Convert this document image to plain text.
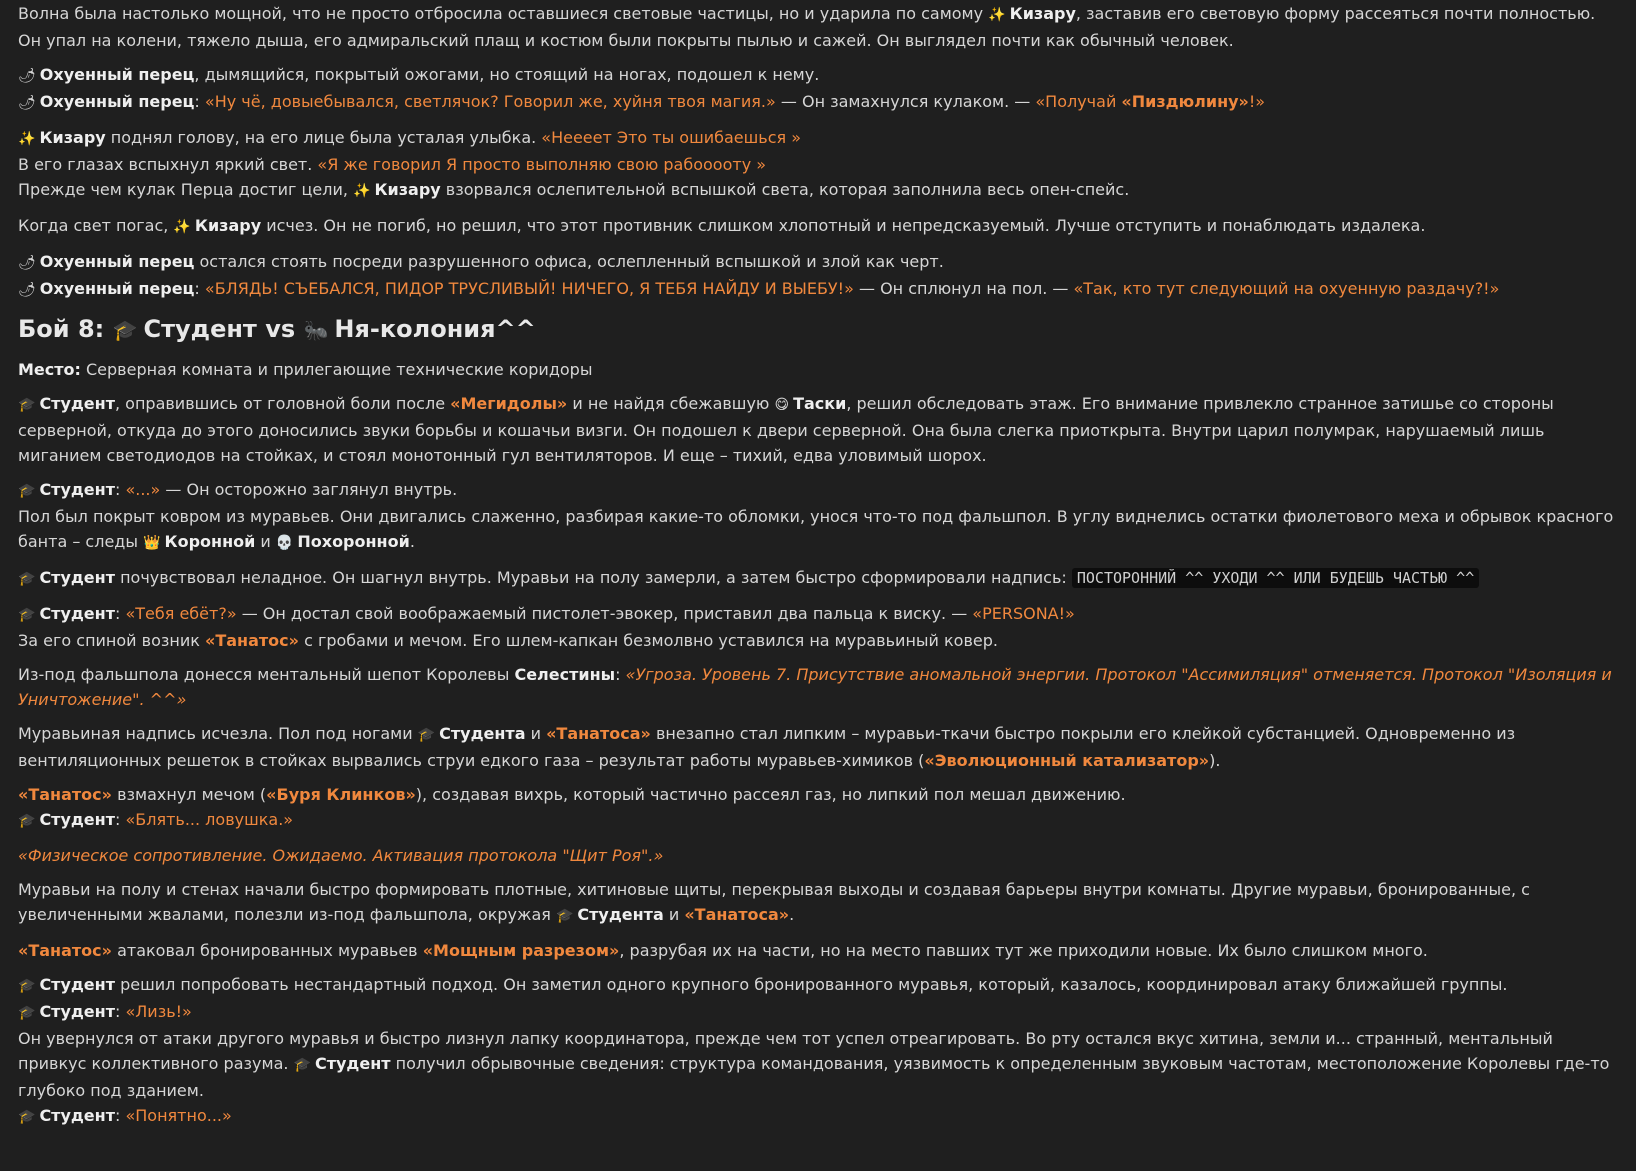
Волна была настолько мощной, что не просто отбросила оставшиеся световые частицы, но и ударила по самому ✨ Кизару, заставив его световую форму рассеяться почти полностью. Он упал на колени, тяжело дыша, его адмиральский плащ и костюм были покрыты пылью и сажей. Он выглядел почти как обычный человек.
🌶 Охуенный перец, дымящийся, покрытый ожогами, но стоящий на ногах, подошел к нему.
🌶 Охуенный перец: «Ну чё, довыебывался, светлячок? Говорил же, хуйня твоя магия.» — Он замахнулся кулаком. — «Получай «Пиздюлину»!»
✨ Кизару поднял голову, на его лице была усталая улыбка. «Нееeет Это ты ошибаешься »
В его глазах вспыхнул яркий свет. «Я же говорил Я просто выполняю свою рабооооту »
Прежде чем кулак Перца достиг цели, ✨ Кизару взорвался ослепительной вспышкой света, которая заполнила весь опен-спейс.
Когда свет погас, ✨ Кизару исчез. Он не погиб, но решил, что этот противник слишком хлопотный и непредсказуемый. Лучше отступить и понаблюдать издалека.
🌶 Охуенный перец остался стоять посреди разрушенного офиса, ослепленный вспышкой и злой как черт.
🌶 Охуенный перец: «БЛЯДЬ! СЪЕБАЛСЯ, ПИДОР ТРУСЛИВЫЙ! НИЧЕГО, Я ТЕБЯ НАЙДУ И ВЫЕБУ!» — Он сплюнул на пол. — «Так, кто тут следующий на охуенную раздачу?!»
Бой 8: 🎓 Студент vs 🐜 Ня-колония^^
Место: Серверная комната и прилегающие технические коридоры
🎓 Студент, оправившись от головной боли после «Мегидолы» и не найдя сбежавшую 😋 Таски, решил обследовать этаж. Его внимание привлекло странное затишье со стороны серверной, откуда до этого доносились звуки борьбы и кошачьи визги. Он подошел к двери серверной. Она была слегка приоткрыта. Внутри царил полумрак, нарушаемый лишь миганием светодиодов на стойках, и стоял монотонный гул вентиляторов. И еще – тихий, едва уловимый шорох.
🎓 Студент: «...» — Он осторожно заглянул внутрь.
Пол был покрыт ковром из муравьев. Они двигались слаженно, разбирая какие-то обломки, унося что-то под фальшпол. В углу виднелись остатки фиолетового меха и обрывок красного банта – следы 👑 Коронной и 💀 Похоронной.
🎓 Студент почувствовал неладное. Он шагнул внутрь. Муравьи на полу замерли, а затем быстро сформировали надпись: ПОСТОРОННИЙ ^^ УХОДИ ^^ ИЛИ БУДЕШЬ ЧАСТЬЮ ^^
🎓 Студент: «Тебя ебёт?» — Он достал свой воображаемый пистолет-эвокер, приставил два пальца к виску. — «PERSONA!»
За его спиной возник «Танатос» с гробами и мечом. Его шлем-капкан безмолвно уставился на муравьиный ковер.
Из-под фальшпола донесся ментальный шепот Королевы Селестины: «Угроза. Уровень 7. Присутствие аномальной энергии. Протокол "Ассимиляция" отменяется. Протокол "Изоляция и Уничтожение". ^^»
Муравьиная надпись исчезла. Пол под ногами 🎓 Студента и «Танатоса» внезапно стал липким – муравьи-ткачи быстро покрыли его клейкой субстанцией. Одновременно из вентиляционных решеток в стойках вырвались струи едкого газа – результат работы муравьев-химиков («Эволюционный катализатор»).
«Танатос» взмахнул мечом («Буря Клинков»), создавая вихрь, который частично рассеял газ, но липкий пол мешал движению.
🎓 Студент: «Блять... ловушка.»
«Физическое сопротивление. Ожидаемо. Активация протокола "Щит Роя".»
Муравьи на полу и стенах начали быстро формировать плотные, хитиновые щиты, перекрывая выходы и создавая барьеры внутри комнаты. Другие муравьи, бронированные, с увеличенными жвалами, полезли из-под фальшпола, окружая 🎓 Студента и «Танатоса».
«Танатос» атаковал бронированных муравьев «Мощным разрезом», разрубая их на части, но на место павших тут же приходили новые. Их было слишком много.
🎓 Студент решил попробовать нестандартный подход. Он заметил одного крупного бронированного муравья, который, казалось, координировал атаку ближайшей группы.
🎓 Студент: «Лизь!»
Он увернулся от атаки другого муравья и быстро лизнул лапку координатора, прежде чем тот успел отреагировать. Во рту остался вкус хитина, земли и... странный, ментальный привкус коллективного разума. 🎓 Студент получил обрывочные сведения: структура командования, уязвимость к определенным звуковым частотам, местоположение Королевы где-то глубоко под зданием.
🎓 Студент: «Понятно...»
